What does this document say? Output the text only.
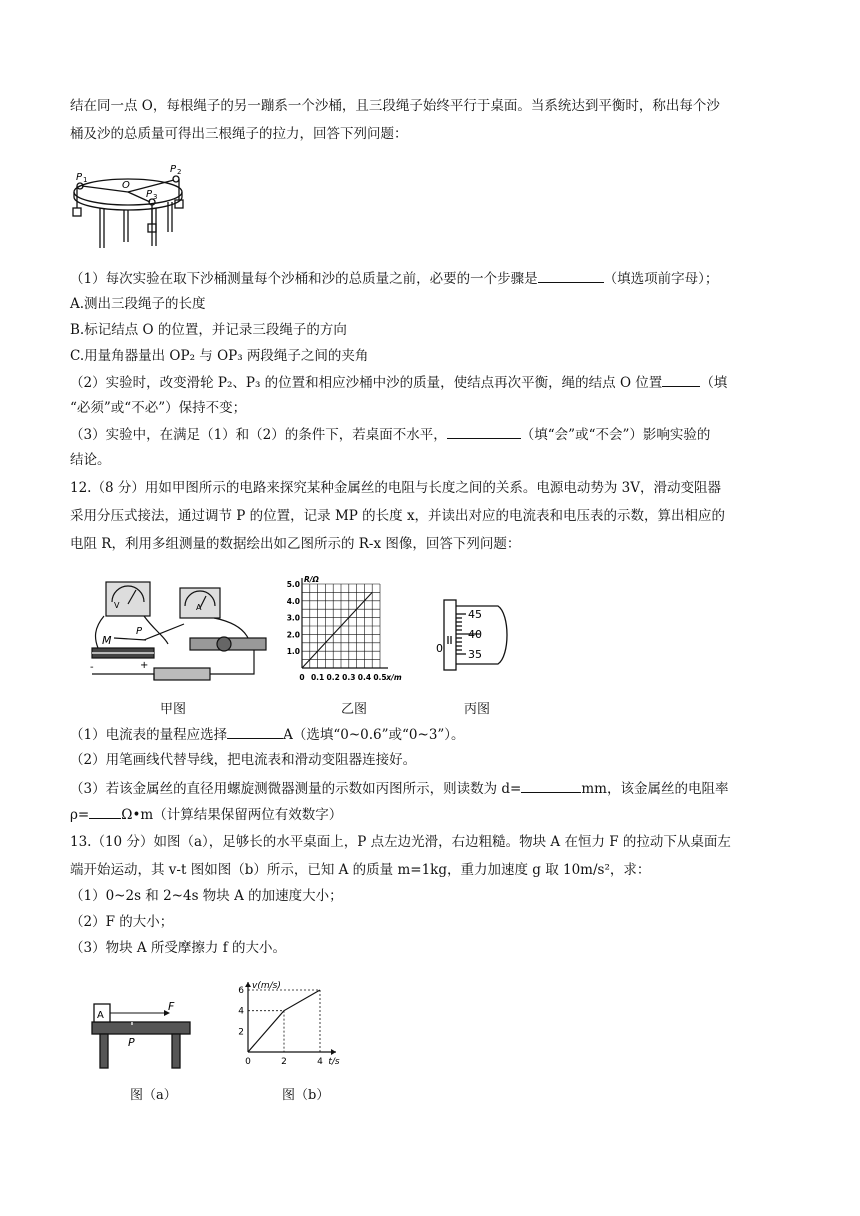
结在同一点 O，每根绳子的另一蹦系一个沙桶，且三段绳子始终平行于桌面。当系统达到平衡时，称出每个沙
桶及沙的总质量可得出三根绳子的拉力，回答下列问题：
P 1	O
P 2
P 3
（1）每次实验在取下沙桶测量每个沙桶和沙的总质量之前，必要的一个步骤是	（填选项前字母）；
A.测出三段绳子的长度
B.标记结点 O 的位置，并记录三段绳子的方向
C.用量角器量出 OP₂ 与 OP₃ 两段绳子之间的夹角
（2）实验时，改变滑轮 P₂、P₃ 的位置和相应沙桶中沙的质量，使结点再次平衡，绳的结点 O 位置	（填
“必须”或“不必”）保持不变；
（3）实验中，在满足（1）和（2）的条件下，若桌面不水平，	（填“会”或“不会”）影响实验的
结论。
12.（8 分）用如甲图所示的电路来探究某种金属丝的电阻与长度之间的关系。电源电动势为 3V，滑动变阻器
采用分压式接法，通过调节 P 的位置，记录 MP 的长度 x，并读出对应的电流表和电压表的示数，算出相应的
电阻 R，利用多组测量的数据绘出如乙图所示的 R-x 图像，回答下列问题：
V	A
M
P
-	+
0 0.1 0.2 0.3 0.4 0.5
1.0
2.0
3.0
4.0
5.0
x/m
R/Ω
45
40
35
0
甲图	乙图	丙图
（1）电流表的量程应选择	A（选填“0~0.6”或“0~3”）。
（2）用笔画线代替导线，把电流表和滑动变阻器连接好。
（3）若该金属丝的直径用螺旋测微器测量的示数如丙图所示，则读数为 d=	mm，该金属丝的电阻率
ρ= Ω•m（计算结果保留两位有效数字）
13.（10 分）如图（a），足够长的水平桌面上，P 点左边光滑，右边粗糙。物块 A 在恒力 F 的拉动下从桌面左
端开始运动，其 v-t 图如图（b）所示，已知 A 的质量 m=1kg，重力加速度 g 取 10m/s²，求：
（1）0~2s 和 2~4s 物块 A 的加速度大小；
（2）F 的大小；
（3）物块 A 所受摩擦力 f 的大小。
A
F
P
0	2	4
2
4
6
t/s
v(m/s)
图（a）	图（b）
